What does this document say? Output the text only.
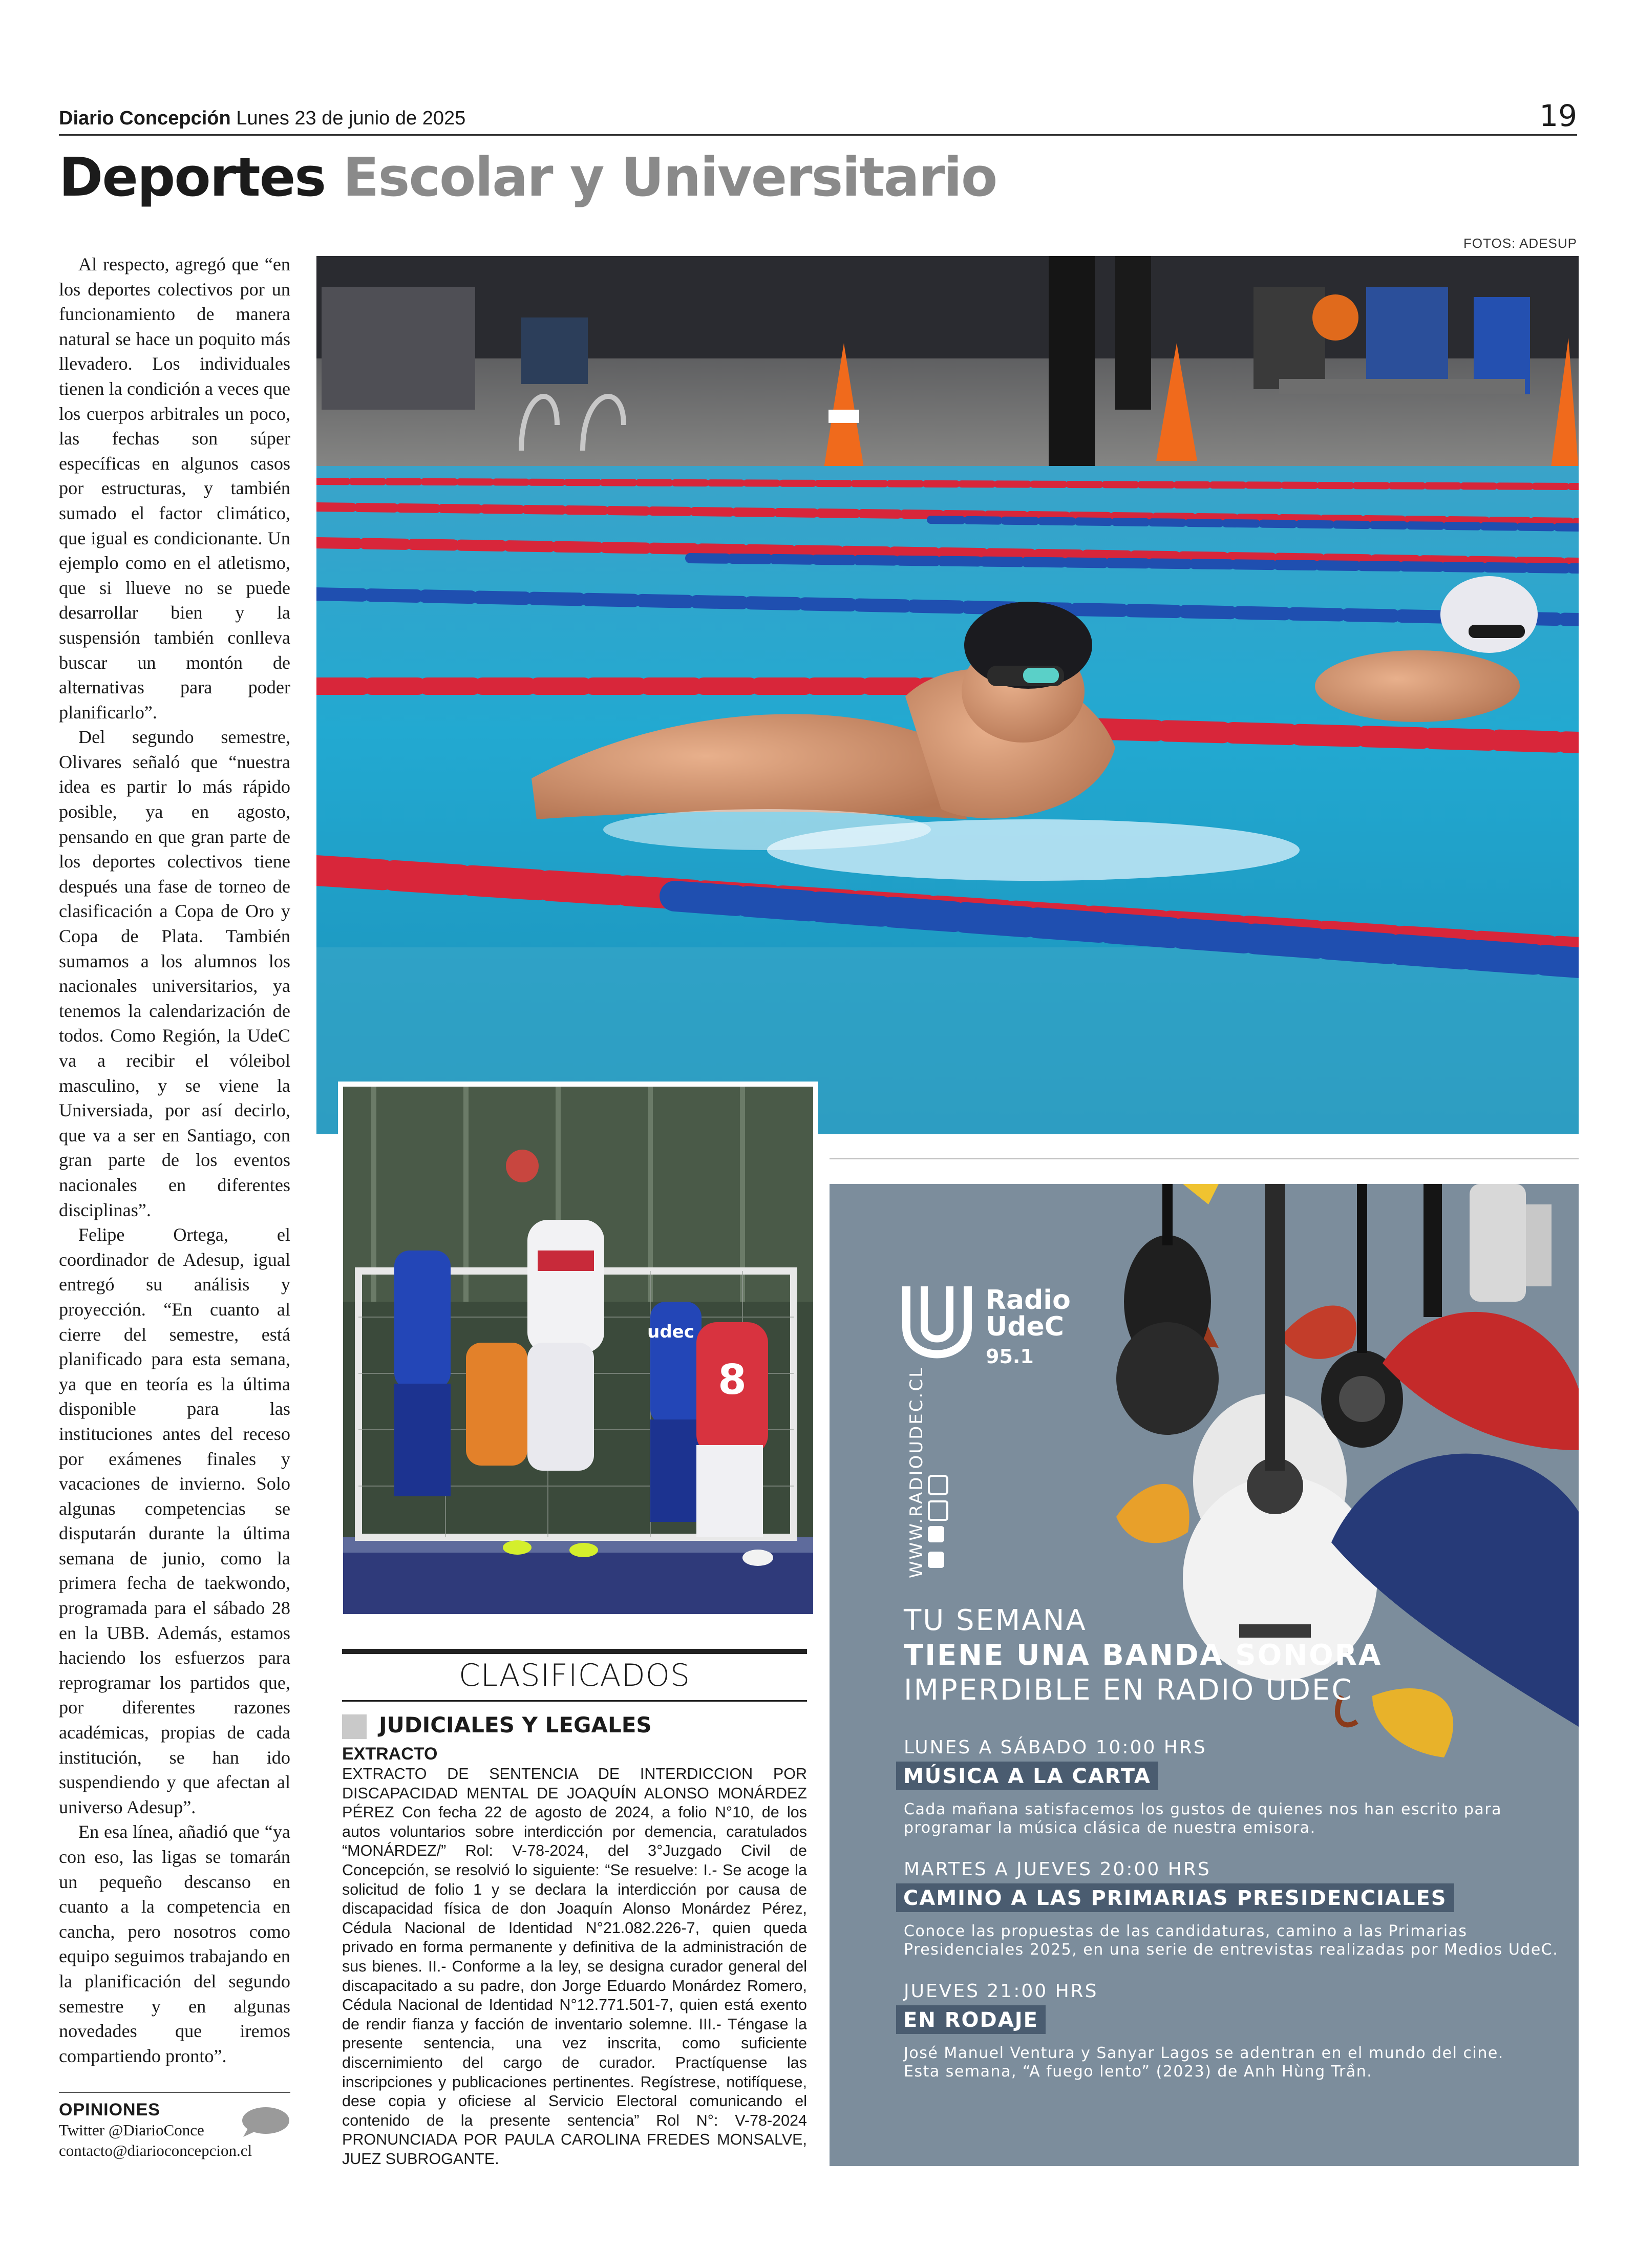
Diario Concepción Lunes 23 de junio de 2025	19
Deportes Escolar y Universitario
FOTOS: ADESUP

Al respecto, agregó que “en los deportes colectivos por un funcionamiento de manera natural se hace un poquito más llevadero. Los individuales tienen la condición a veces que los cuerpos arbitrales un poco, las fechas son súper específicas en algunos casos por estructuras, y también sumado el factor climático, que igual es condicionante. Un ejemplo como en el atletismo, que si llueve no se puede desarrollar bien y la suspensión también conlleva buscar un montón de alternativas para poder planificarlo”.

Del segundo semestre, Olivares señaló que “nuestra idea es partir lo más rápido posible, ya en agosto, pensando en que gran parte de los deportes colectivos tiene después una fase de torneo de clasificación a Copa de Oro y Copa de Plata. También sumamos a los alumnos los nacionales universitarios, ya tenemos la calendarización de todos. Como Región, la UdeC va a recibir el vóleibol masculino, y se viene la Universiada, por así decirlo, que va a ser en Santiago, con gran parte de los eventos nacionales en diferentes disciplinas”.

Felipe Ortega, el coordinador de Adesup, igual entregó su análisis y proyección. “En cuanto al cierre del semestre, está planificado para esta semana, ya que en teoría es la última disponible para las instituciones antes del receso por exámenes finales y vacaciones de invierno. Solo algunas competencias se disputarán durante la última semana de junio, como la primera fecha de taekwondo, programada para el sábado 28 en la UBB. Además, estamos haciendo los esfuerzos para reprogramar los partidos que, por diferentes razones académicas, propias de cada institución, se han ido suspendiendo y que afectan al universo Adesup”.

En esa línea, añadió que “ya con eso, las ligas se tomarán un pequeño descanso en cuanto a la competencia en cancha, pero nosotros como equipo seguimos trabajando en la planificación del segundo semestre y en algunas novedades que iremos compartiendo pronto”.

OPINIONES
Twitter @DiarioConce
contacto@diarioconcepcion.cl
8
udec
CLASIFICADOS
JUDICIALES Y LEGALES
EXTRACTO
EXTRACTO DE SENTENCIA DE INTERDICCION POR DISCAPACIDAD MENTAL DE JOAQUÍN ALONSO MONÁRDEZ PÉREZ Con fecha 22 de agosto de 2024, a folio N°10, de los autos voluntarios sobre interdicción por demencia, caratulados “MONÁRDEZ/” Rol: V-78-2024, del 3°Juzgado Civil de Concepción, se resolvió lo siguiente: “Se resuelve: I.- Se acoge la solicitud de folio 1 y se declara la interdicción por causa de discapacidad física de don Joaquín Alonso Monárdez Pérez, Cédula Nacional de Identidad N°21.082.226-7, quien queda privado en forma permanente y definitiva de la administración de sus bienes. II.- Conforme a la ley, se designa curador general del discapacitado a su padre, don Jorge Eduardo Monárdez Romero, Cédula Nacional de Identidad N°12.771.501-7, quien está exento de rendir fianza y facción de inventario solemne. III.- Téngase la presente sentencia, una vez inscrita, como suficiente discernimiento del cargo de curador. Practíquense las inscripciones y publicaciones pertinentes. Regístrese, notifíquese, dese copia y oficiese al Servicio Electoral comunicando el contenido de la presente sentencia” Rol N°: V-78-2024 PRONUNCIADA POR PAULA CAROLINA FREDES MONSALVE, JUEZ SUBROGANTE.
Radio
UdeC
95.1
WWW.RADIOUDEC.CL
TU SEMANA
TIENE UNA BANDA SONORA
IMPERDIBLE EN RADIO UDEC
LUNES A SÁBADO 10:00 HRS
MÚSICA A LA CARTA
Cada mañana satisfacemos los gustos de quienes nos han escrito para
programar la música clásica de nuestra emisora.
MARTES A JUEVES 20:00 HRS
CAMINO A LAS PRIMARIAS PRESIDENCIALES
Conoce las propuestas de las candidaturas, camino a las Primarias
Presidenciales 2025, en una serie de entrevistas realizadas por Medios UdeC.
JUEVES 21:00 HRS
EN RODAJE
José Manuel Ventura y Sanyar Lagos se adentran en el mundo del cine.
Esta semana, “A fuego lento” (2023) de Anh Hùng Trần.
